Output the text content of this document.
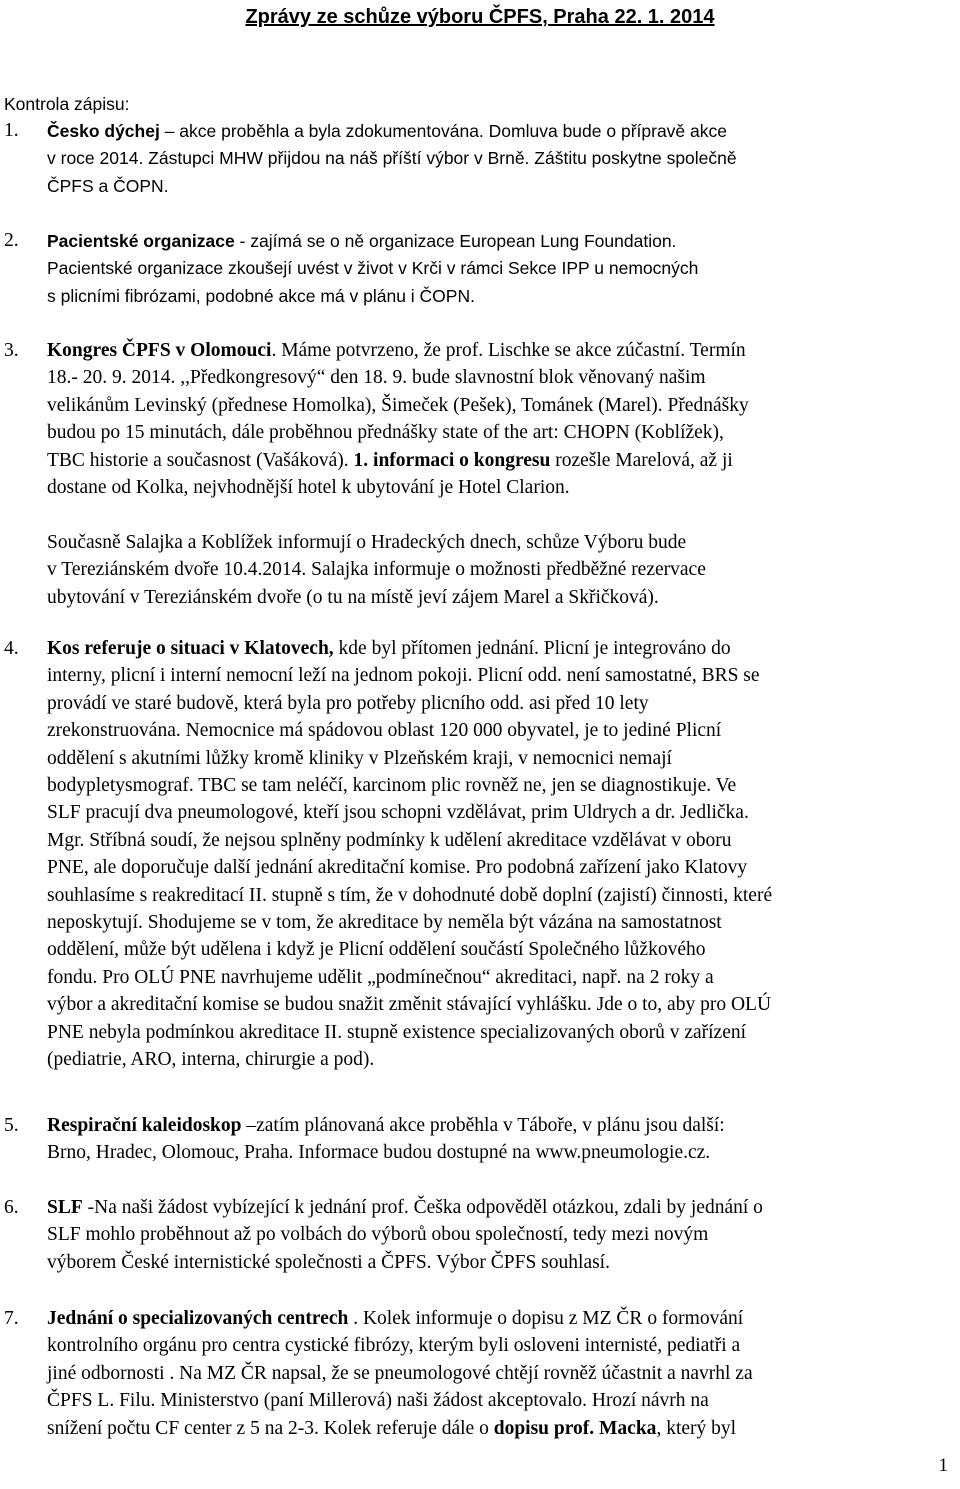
Zprávy ze schůze výboru ČPFS, Praha 22. 1. 2014
Kontrola zápisu:
1. Česko dýchej – akce proběhla a byla zdokumentována. Domluva bude o přípravě akce
v roce 2014. Zástupci MHW přijdou na náš příští výbor v Brně. Záštitu poskytne společně
ČPFS a ČOPN.
2. Pacientské organizace - zajímá se o ně organizace European Lung Foundation.
Pacientské organizace zkoušejí uvést v život v Krči v rámci Sekce IPP u nemocných
s plicními fibrózami, podobné akce má v plánu i ČOPN.
3. Kongres ČPFS v Olomouci. Máme potvrzeno, že prof. Lischke se akce zúčastní. Termín
18.- 20. 9. 2014. ,,Předkongresový“ den 18. 9. bude slavnostní blok věnovaný našim
velikánům Levinský (přednese Homolka), Šimeček (Pešek), Tománek (Marel). Přednášky
budou po 15 minutách, dále proběhnou přednášky state of the art: CHOPN (Koblížek),
TBC historie a současnost (Vašáková). 1. informaci o kongresu rozešle Marelová, až ji
dostane od Kolka, nejvhodnější hotel k ubytování je Hotel Clarion.
Současně Salajka a Koblížek informují o Hradeckých dnech, schůze Výboru bude
v Tereziánském dvoře 10.4.2014. Salajka informuje o možnosti předběžné rezervace
ubytování v Tereziánském dvoře (o tu na místě jeví zájem Marel a Skřičková).
4. Kos referuje o situaci v Klatovech, kde byl přítomen jednání. Plicní je integrováno do
interny, plicní i interní nemocní leží na jednom pokoji. Plicní odd. není samostatné, BRS se
provádí ve staré budově, která byla pro potřeby plicního odd. asi před 10 lety
zrekonstruována. Nemocnice má spádovou oblast 120 000 obyvatel, je to jediné Plicní
oddělení s akutními lůžky kromě kliniky v Plzeňském kraji, v nemocnici nemají
bodypletysmograf. TBC se tam neléčí, karcinom plic rovněž ne, jen se diagnostikuje. Ve
SLF pracují dva pneumologové, kteří jsou schopni vzdělávat, prim Uldrych a dr. Jedlička.
Mgr. Stříbná soudí, že nejsou splněny podmínky k udělení akreditace vzdělávat v oboru
PNE, ale doporučuje další jednání akreditační komise. Pro podobná zařízení jako Klatovy
souhlasíme s reakreditací II. stupně s tím, že v dohodnuté době doplní (zajistí) činnosti, které
neposkytují. Shodujeme se v tom, že akreditace by neměla být vázána na samostatnost
oddělení, může být udělena i když je Plicní oddělení součástí Společného lůžkového
fondu. Pro OLÚ PNE navrhujeme udělit „podmínečnou“ akreditaci, např. na 2 roky a
výbor a akreditační komise se budou snažit změnit stávající vyhlášku. Jde o to, aby pro OLÚ
PNE nebyla podmínkou akreditace II. stupně existence specializovaných oborů v zařízení
(pediatrie, ARO, interna, chirurgie a pod).
5. Respirační kaleidoskop –zatím plánovaná akce proběhla v Táboře, v plánu jsou další:
Brno, Hradec, Olomouc, Praha. Informace budou dostupné na www.pneumologie.cz.
6. SLF -Na naši žádost vybízející k jednání prof. Češka odpověděl otázkou, zdali by jednání o
SLF mohlo proběhnout až po volbách do výborů obou společností, tedy mezi novým
výborem České internistické společnosti a ČPFS. Výbor ČPFS souhlasí.
7. Jednání o specializovaných centrech . Kolek informuje o dopisu z MZ ČR o formování
kontrolního orgánu pro centra cystické fibrózy, kterým byli osloveni internisté, pediatři a
jiné odbornosti . Na MZ ČR napsal, že se pneumologové chtějí rovněž účastnit a navrhl za
ČPFS L. Filu. Ministerstvo (paní Millerová) naši žádost akceptovalo. Hrozí návrh na
snížení počtu CF center z 5 na 2-3. Kolek referuje dále o dopisu prof. Macka, který byl
1
